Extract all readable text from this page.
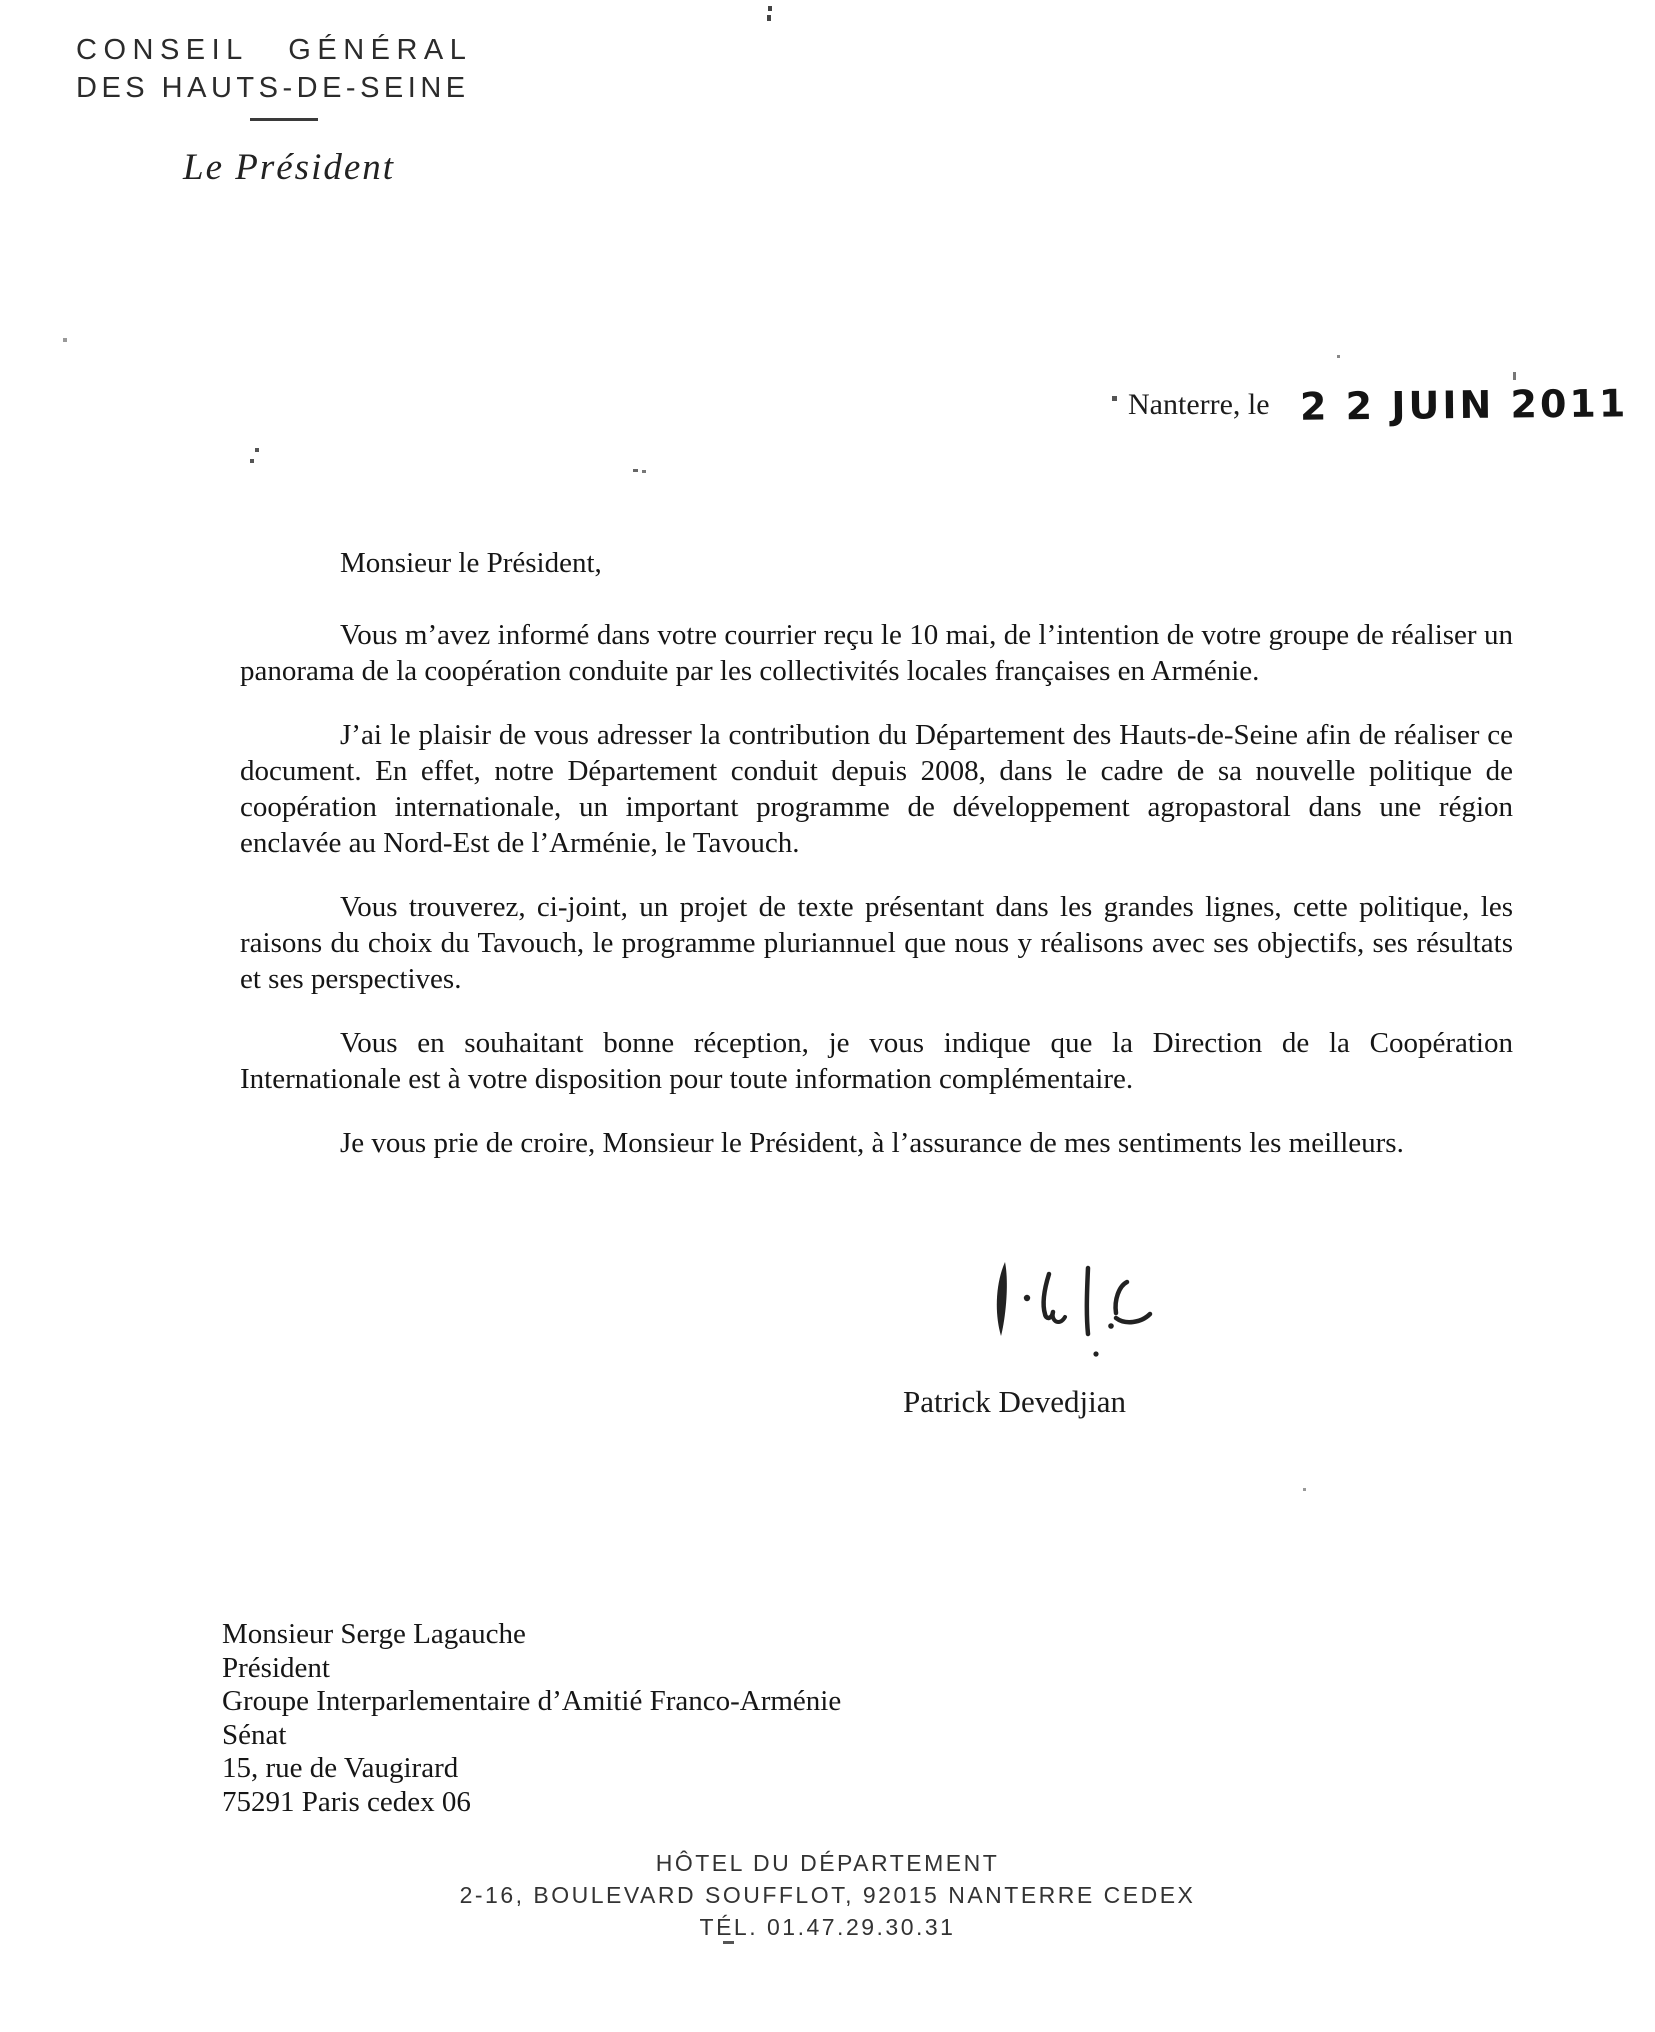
CONSEIL GÉNÉRAL
DES HAUTS-DE-SEINE
Le Président
Nanterre, le 2 2 JUIN 2011

Monsieur le Président,

Vous m’avez informé dans votre courrier reçu le 10 mai, de l’intention de votre groupe de réaliser un panorama de la coopération conduite par les collectivités locales françaises en Arménie.

J’ai le plaisir de vous adresser la contribution du Département des Hauts-de-Seine afin de réaliser ce document. En effet, notre Département conduit depuis 2008, dans le cadre de sa nouvelle politique de coopération internationale, un important programme de développement agropastoral dans une région enclavée au Nord-Est de l’Arménie, le Tavouch.

Vous trouverez, ci-joint, un projet de texte présentant dans les grandes lignes, cette politique, les raisons du choix du Tavouch, le programme pluriannuel que nous y réalisons avec ses objectifs, ses résultats et ses perspectives.

Vous en souhaitant bonne réception, je vous indique que la Direction de la Coopération Internationale est à votre disposition pour toute information complémentaire.

Je vous prie de croire, Monsieur le Président, à l’assurance de mes sentiments les meilleurs.

Patrick Devedjian
Monsieur Serge Lagauche
Président
Groupe Interparlementaire d’Amitié Franco-Arménie
Sénat
15, rue de Vaugirard
75291 Paris cedex 06
HÔTEL DU DÉPARTEMENT
2-16, BOULEVARD SOUFFLOT, 92015 NANTERRE CEDEX
TÉL. 01.47.29.30.31
